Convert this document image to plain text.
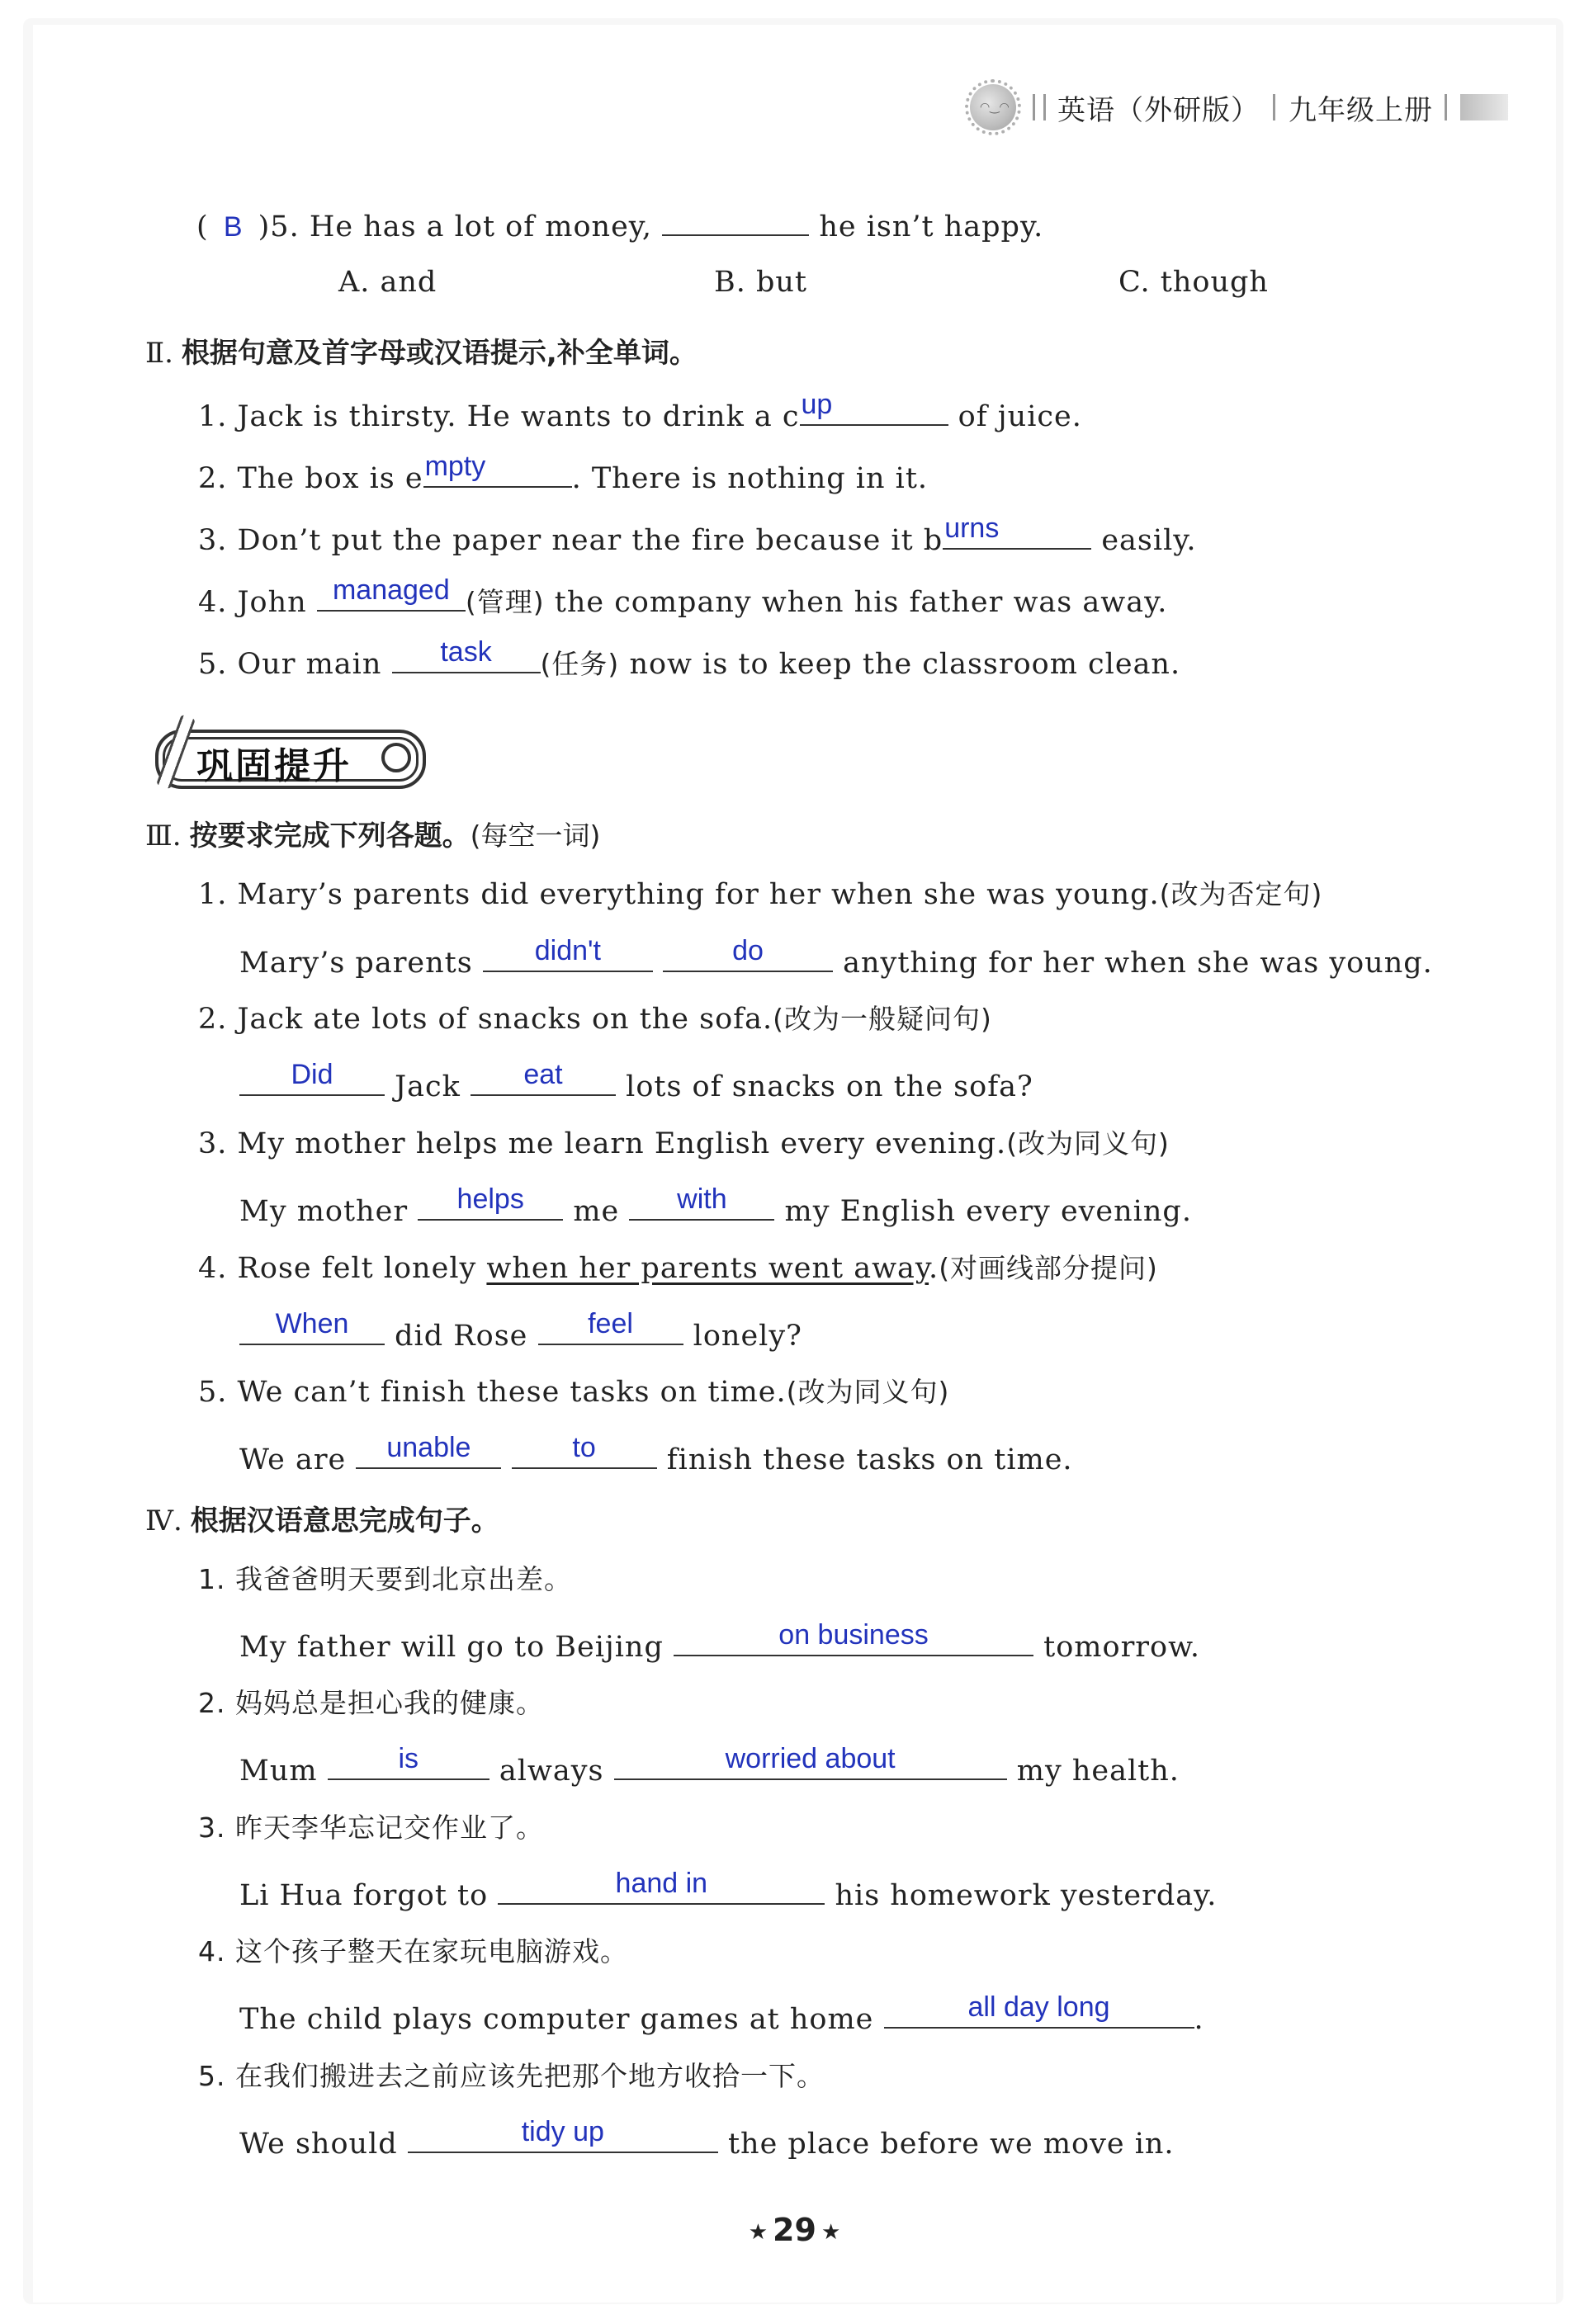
◠‿◠ 英语（外研版） 九年级上册
( B )5. He has a lot of money,	he isn’t happy.
A. and	B. but	C. though
Ⅱ. 根据句意及首字母或汉语提示,补全单词。
1. Jack is thirsty. He wants to drink a c up	of juice.
2. The box is e mpty	. There is nothing in it.
3. Don’t put the paper near the fire because it b urns	easily.
4. John managed (管理) the company when his father was away.
5. Our main	task	(任务) now is to keep the classroom clean.
巩固提升
Ⅲ. 按要求完成下列各题。(每空一词)
1. Mary’s parents did everything for her when she was young.(改为否定句)
Mary’s parents	didn't
	do	anything for her when she was young.
2. Jack ate lots of snacks on the sofa.(改为一般疑问句)
Did	Jack	eat	lots of snacks on the sofa?
3. My mother helps me learn English every evening.(改为同义句)
My mother	helps	me	with	my English every evening.
4. Rose felt lonely when her parents went away.(对画线部分提问)
When	did Rose	feel	lonely?
5. We can’t finish these tasks on time.(改为同义句)
We are	unable
	to	finish these tasks on time.
Ⅳ. 根据汉语意思完成句子。
1. 我爸爸明天要到北京出差。
My father will go to Beijing	on business	tomorrow.
2. 妈妈总是担心我的健康。
Mum	is	always	worried about	my health.
3. 昨天李华忘记交作业了。
Li Hua forgot to	hand in	his homework yesterday.
4. 这个孩子整天在家玩电脑游戏。
The child plays computer games at home	all day long	.
5. 在我们搬进去之前应该先把那个地方收拾一下。
We should	tidy up	the place before we move in.
★ 29 ★
